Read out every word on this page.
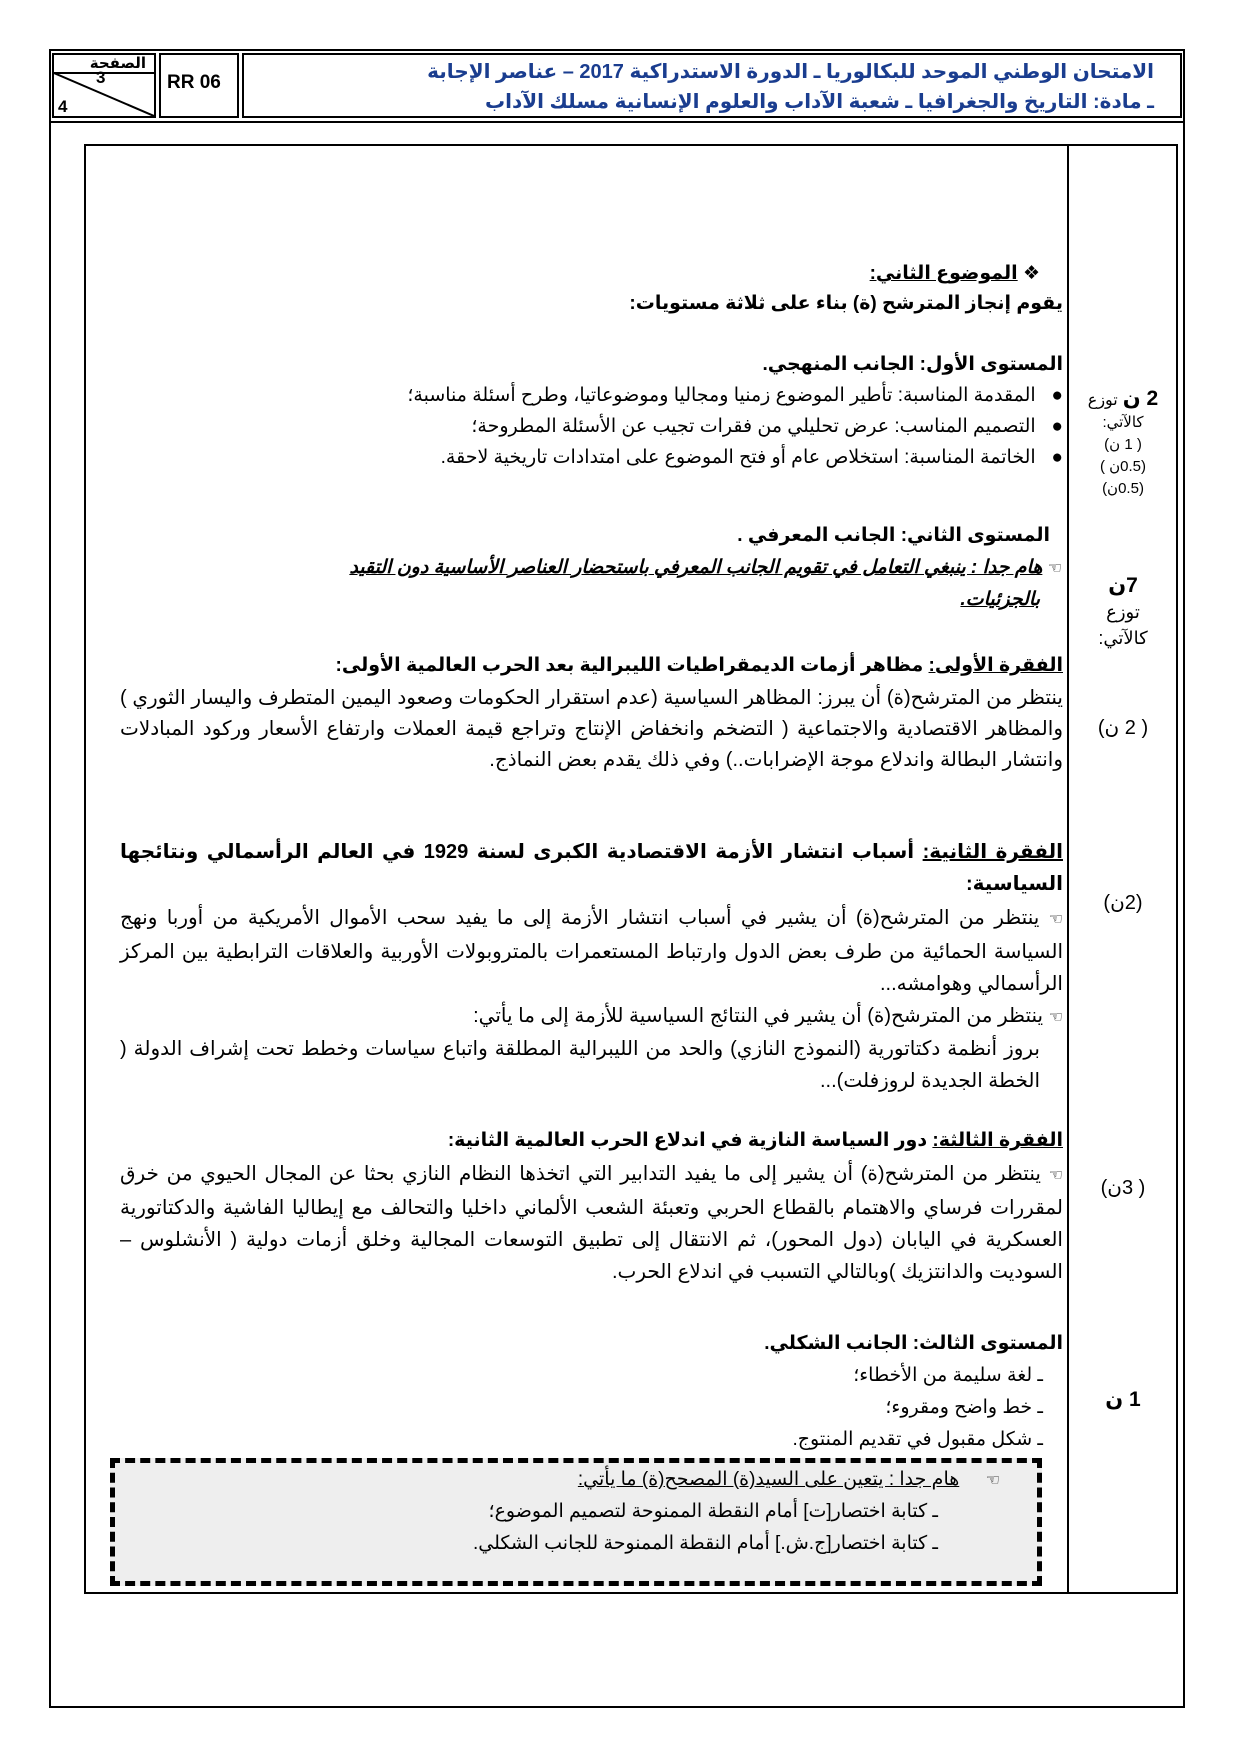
الصفحة
3
4
RR 06	الامتحان الوطني الموحد للبكالوريا ـ الدورة الاستدراكية 2017 – عناصر الإجابة
ـ مادة: التاريخ والجغرافيا ـ شعبة الآداب والعلوم الإنسانية مسلك الآداب
❖ الموضوع الثاني:
يقوم إنجاز المترشح (ة) بناء على ثلاثة مستويات:
المستوى الأول: الجانب المنهجي.
●   المقدمة المناسبة: تأطير الموضوع زمنيا ومجاليا وموضوعاتيا، وطرح أسئلة مناسبة؛
●   التصميم المناسب: عرض تحليلي من فقرات تجيب عن الأسئلة المطروحة؛
●   الخاتمة المناسبة: استخلاص عام أو فتح الموضوع على امتدادات تاريخية لاحقة.
2 ن توزع
كالآتي:
( 1 ن)
(0.5ن )
(0.5ن)
المستوى الثاني: الجانب المعرفي .
☜ هام جدا : ينبغي التعامل في تقويم الجانب المعرفي باستحضار العناصر الأساسية دون التقيد
بالجزئيات.
7ن
توزع
كالآتي:
الفقرة الأولى: مظاهر أزمات الديمقراطيات الليبرالية بعد الحرب العالمية الأولى:
ينتظر من المترشح(ة) أن يبرز: المظاهر السياسية (عدم استقرار الحكومات وصعود اليمين المتطرف واليسار الثوري ) والمظاهر الاقتصادية والاجتماعية ( التضخم وانخفاض الإنتاج وتراجع قيمة العملات وارتفاع الأسعار وركود المبادلات وانتشار البطالة واندلاع موجة الإضرابات..) وفي ذلك يقدم بعض النماذج.
( 2 ن)
الفقرة الثانية: أسباب انتشار الأزمة الاقتصادية الكبرى لسنة 1929 في العالم الرأسمالي ونتائجها السياسية:
☜ ينتظر من المترشح(ة) أن يشير في أسباب انتشار الأزمة إلى ما يفيد سحب الأموال الأمريكية من أوربا ونهج السياسة الحمائية من طرف بعض الدول وارتباط المستعمرات بالمتروبولات الأوربية والعلاقات الترابطية بين المركز الرأسمالي وهوامشه...
☜ ينتظر من المترشح(ة) أن يشير في النتائج السياسية للأزمة إلى ما يأتي:
بروز أنظمة دكتاتورية (النموذج النازي) والحد من الليبرالية المطلقة واتباع سياسات وخطط تحت إشراف الدولة ( الخطة الجديدة لروزفلت)...
(2ن)
الفقرة الثالثة: دور السياسة النازية في اندلاع الحرب العالمية الثانية:
☜ ينتظر من المترشح(ة) أن يشير إلى ما يفيد التدابير التي اتخذها النظام النازي بحثا عن المجال الحيوي من خرق لمقررات فرساي والاهتمام بالقطاع الحربي وتعبئة الشعب الألماني داخليا والتحالف مع إيطاليا الفاشية والدكتاتورية العسكرية في اليابان (دول المحور)، ثم الانتقال إلى تطبيق التوسعات المجالية وخلق أزمات دولية ( الأنشلوس – السوديت والدانتزيك )وبالتالي التسبب في اندلاع الحرب.
( 3ن)
المستوى الثالث: الجانب الشكلي.
ـ لغة سليمة من الأخطاء؛
ـ خط واضح ومقروء؛
ـ شكل مقبول في تقديم المنتوج.
1 ن
☜     هام جدا : يتعين على السيد(ة) المصحح(ة) ما يأتي:
ـ كتابة اختصار[ت] أمام النقطة الممنوحة لتصميم الموضوع؛
ـ كتابة اختصار[ج.ش.] أمام النقطة الممنوحة للجانب الشكلي.
